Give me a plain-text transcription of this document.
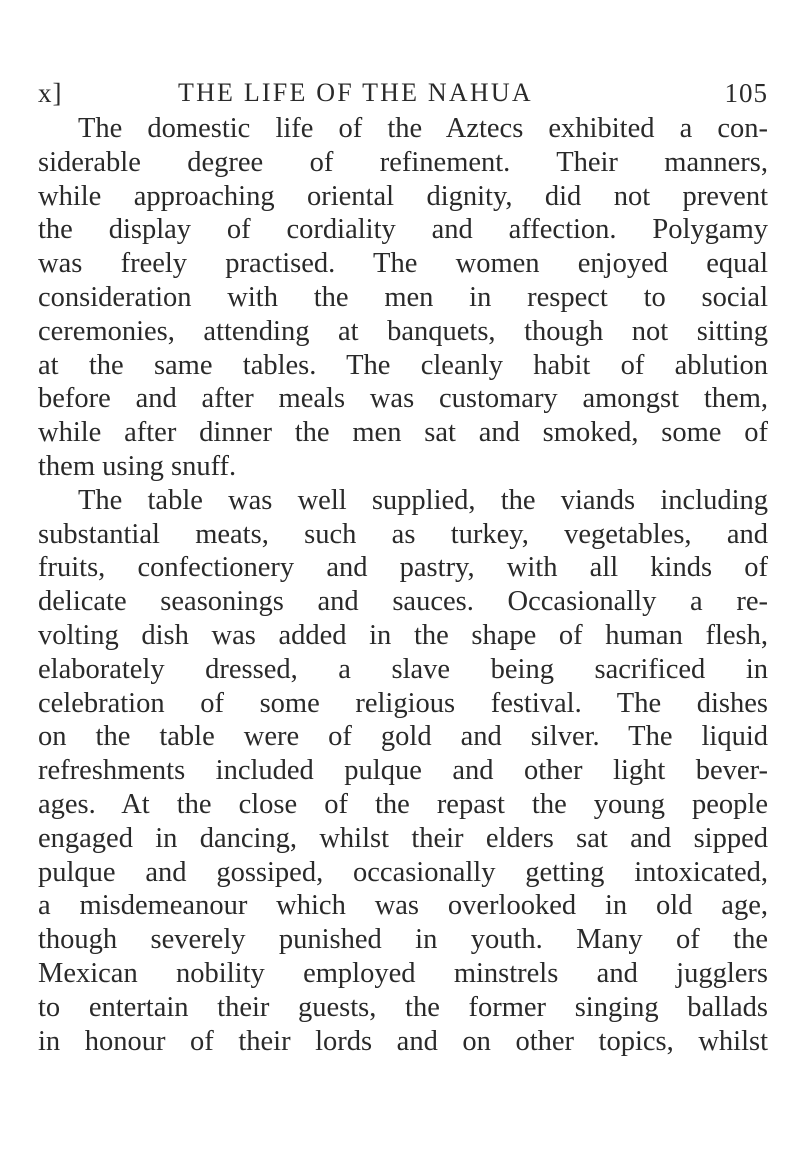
x]	THE LIFE OF THE NAHUA	105
The domestic life of the Aztecs exhibited a con-
siderable degree of refinement. Their manners,
while approaching oriental dignity, did not prevent
the display of cordiality and affection. Polygamy
was freely practised. The women enjoyed equal
consideration with the men in respect to social
ceremonies, attending at banquets, though not sitting
at the same tables. The cleanly habit of ablution
before and after meals was customary amongst them,
while after dinner the men sat and smoked, some of
them using snuff.
The table was well supplied, the viands including
substantial meats, such as turkey, vegetables, and
fruits, confectionery and pastry, with all kinds of
delicate seasonings and sauces. Occasionally a re-
volting dish was added in the shape of human flesh,
elaborately dressed, a slave being sacrificed in
celebration of some religious festival. The dishes
on the table were of gold and silver. The liquid
refreshments included pulque and other light bever-
ages. At the close of the repast the young people
engaged in dancing, whilst their elders sat and sipped
pulque and gossiped, occasionally getting intoxicated,
a misdemeanour which was overlooked in old age,
though severely punished in youth. Many of the
Mexican nobility employed minstrels and jugglers
to entertain their guests, the former singing ballads
in honour of their lords and on other topics, whilst
